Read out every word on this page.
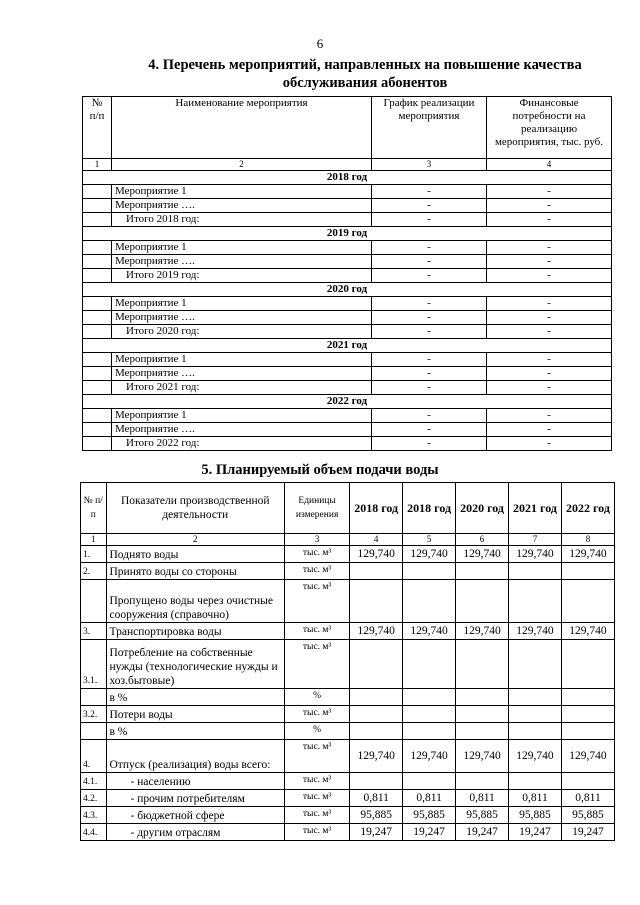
6
4. Перечень мероприятий, направленных на повышение качества обслуживания абонентов
№ п/п	Наименование мероприятия	График реализации мероприятия	Финансовые потребности на реализацию мероприятия, тыс. руб.
1	2	3	4
2018 год			
	Мероприятие 1	-	-
	Мероприятие ….	-	-
	Итого 2018 год:	-	-
2019 год			
	Мероприятие 1	-	-
	Мероприятие ….	-	-
	Итого 2019 год:	-	-
2020 год			
	Мероприятие 1	-	-
	Мероприятие ….	-	-
	Итого 2020 год:	-	-
2021 год			
	Мероприятие 1	-	-
	Мероприятие ….	-	-
	Итого 2021 год:	-	-
2022 год			
	Мероприятие 1	-	-
	Мероприятие ….	-	-
	Итого 2022 год:	-	-
5. Планируемый объем подачи воды
№ п/п	Показатели производственной деятельности	Единицы измерения	2018 год	2018 год	2020 год	2021 год	2022 год
1	2	3	4	5	6	7	8
1.	Поднято воды	тыс. м³	129,740	129,740	129,740	129,740	129,740
2.	Принято воды со стороны	тыс. м³					
	Пропущено воды через очистные сооружения (справочно)	тыс. м³					
3.	Транспортировка воды	тыс. м³	129,740	129,740	129,740	129,740	129,740
3.1.	Потребление на собственные нужды (технологические нужды и хоз.бытовые)	тыс. м³					
	в %	%					
3.2.	Потери воды	тыс. м³					
	в %	%					
4.	Отпуск (реализация) воды всего:	тыс. м³	129,740	129,740	129,740	129,740	129,740
4.1.	- населению	тыс. м³					
4.2.	- прочим потребителям	тыс. м³	0,811	0,811	0,811	0,811	0,811
4.3.	- бюджетной сфере	тыс. м³	95,885	95,885	95,885	95,885	95,885
4.4.	- другим отраслям	тыс. м³	19,247	19,247	19,247	19,247	19,247
